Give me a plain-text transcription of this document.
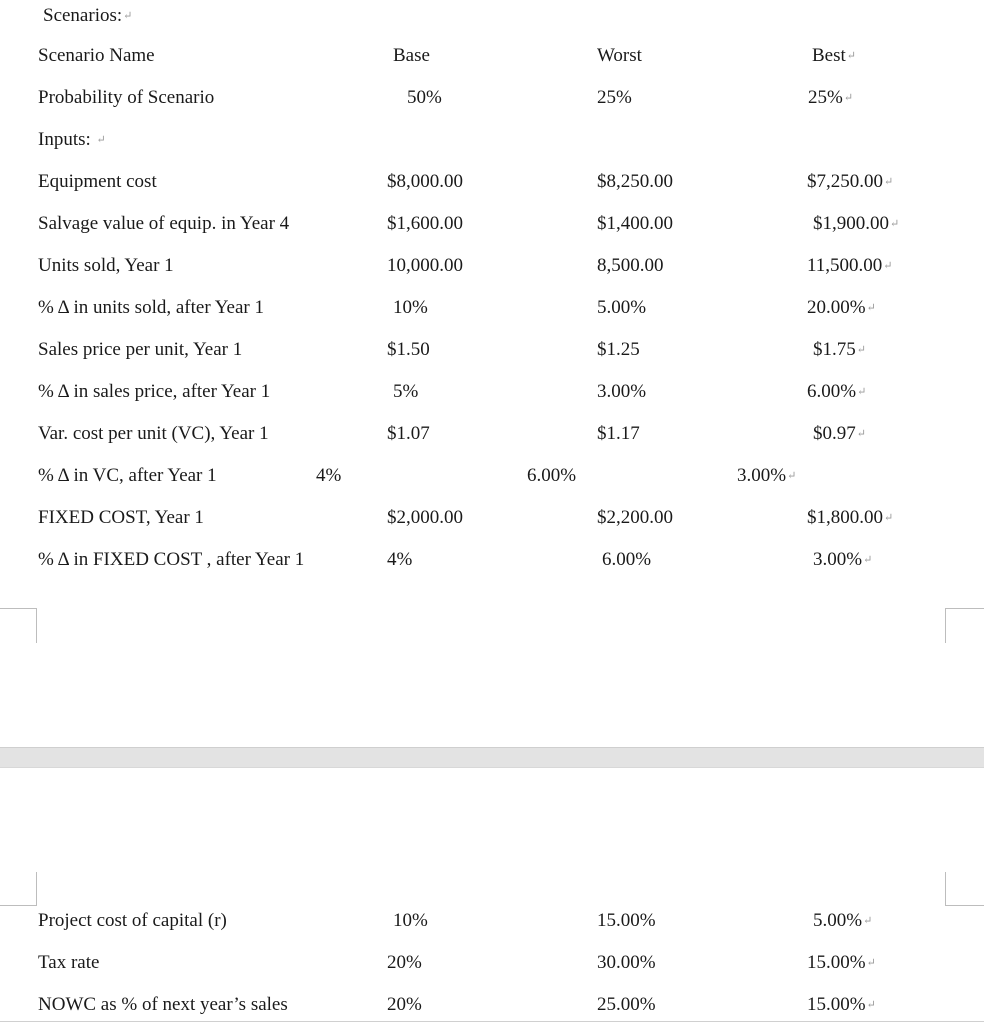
Scenarios:↵
Scenario Name	Base	Worst	Best↵
Probability of Scenario	50%	25%	25%↵
Inputs: ↵
Equipment cost	$8,000.00	$8,250.00	$7,250.00↵
Salvage value of equip. in Year 4	$1,600.00	$1,400.00	$1,900.00↵
Units sold, Year 1	10,000.00	8,500.00	11,500.00↵
% Δ in units sold, after Year 1	10%	5.00%	20.00%↵
Sales price per unit, Year 1	$1.50	$1.25	$1.75↵
% Δ in sales price, after Year 1	5%	3.00%	6.00%↵
Var. cost per unit (VC), Year 1	$1.07	$1.17	$0.97↵
% Δ in VC, after Year 1	4%	6.00%	3.00%↵
FIXED COST, Year 1	$2,000.00	$2,200.00	$1,800.00↵
% Δ in FIXED COST , after Year 1	4%	6.00%	3.00%↵
Project cost of capital (r)	10%	15.00%	5.00%↵
Tax rate	20%	30.00%	15.00%↵
NOWC as % of next year’s sales	20%	25.00%	15.00%↵
